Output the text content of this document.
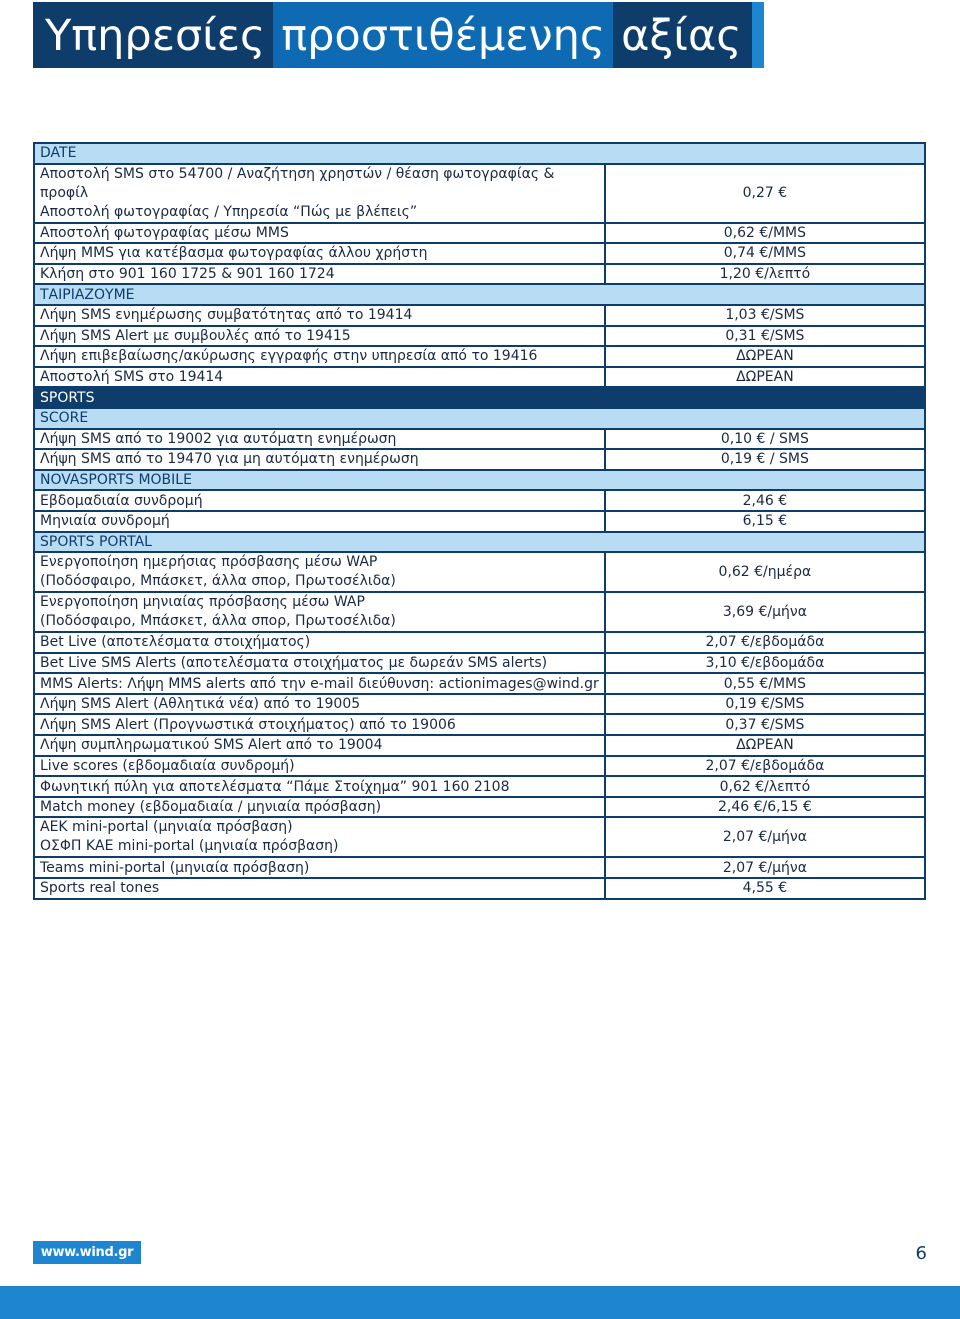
Υπηρεσίες προστιθέμενης αξίας
DATE	

Αποστολή SMS στο 54700 / Αναζήτηση χρηστών / θέαση φωτογραφίας & προφίλ
Αποστολή φωτογραφίας / Υπηρεσία “Πώς με βλέπεις”	0,27 €
Αποστολή φωτογραφίας μέσω MMS	0,62 €/MMS
Λήψη MMS για κατέβασμα φωτογραφίας άλλου χρήστη	0,74 €/MMS
Κλήση στο 901 160 1725 & 901 160 1724	1,20 €/λεπτό
ΤΑΙΡΙΑΖΟΥΜΕ	
Λήψη SMS ενημέρωσης συμβατότητας από το 19414	1,03 €/SMS
Λήψη SMS Alert με συμβουλές από το 19415	0,31 €/SMS
Λήψη επιβεβαίωσης/ακύρωσης εγγραφής στην υπηρεσία από το 19416	ΔΩΡΕΑΝ
Αποστολή SMS στο 19414	ΔΩΡΕΑΝ
SPORTS	
SCORE	
Λήψη SMS από το 19002 για αυτόματη ενημέρωση	0,10 € / SMS
Λήψη SMS από το 19470 για μη αυτόματη ενημέρωση	0,19 € / SMS
NOVASPORTS MOBILE	
Εβδομαδιαία συνδρομή	2,46 €
Μηνιαία συνδρομή	6,15 €
SPORTS PORTAL	

Ενεργοποίηση ημερήσιας πρόσβασης μέσω WAP
(Ποδόσφαιρο, Μπάσκετ, άλλα σπορ, Πρωτοσέλιδα)	0,62 €/ημέρα

Ενεργοποίηση μηνιαίας πρόσβασης μέσω WAP
(Ποδόσφαιρο, Μπάσκετ, άλλα σπορ, Πρωτοσέλιδα)	3,69 €/μήνα
Bet Live (αποτελέσματα στοιχήματος)	2,07 €/εβδομάδα
Bet Live SMS Alerts (αποτελέσματα στοιχήματος με δωρεάν SMS alerts)	3,10 €/εβδομάδα
MMS Alerts: Λήψη MMS alerts από την e-mail διεύθυνση: actionimages@wind.gr	0,55 €/MMS
Λήψη SMS Alert (Αθλητικά νέα) από το 19005	0,19 €/SMS
Λήψη SMS Alert (Προγνωστικά στοιχήματος) από το 19006	0,37 €/SMS
Λήψη συμπληρωματικού SMS Alert από το 19004	ΔΩΡΕΑΝ
Live scores (εβδομαδιαία συνδρομή)	2,07 €/εβδομάδα
Φωνητική πύλη για αποτελέσματα “Πάμε Στοίχημα” 901 160 2108	0,62 €/λεπτό
Match money (εβδομαδιαία / μηνιαία πρόσβαση)	2,46 €/6,15 €

ΑΕΚ mini-portal (μηνιαία πρόσβαση)
ΟΣΦΠ ΚΑΕ mini-portal (μηνιαία πρόσβαση)	2,07 €/μήνα
Teams mini-portal (μηνιαία πρόσβαση)	2,07 €/μήνα
Sports real tones	4,55 €
www.wind.gr	6
